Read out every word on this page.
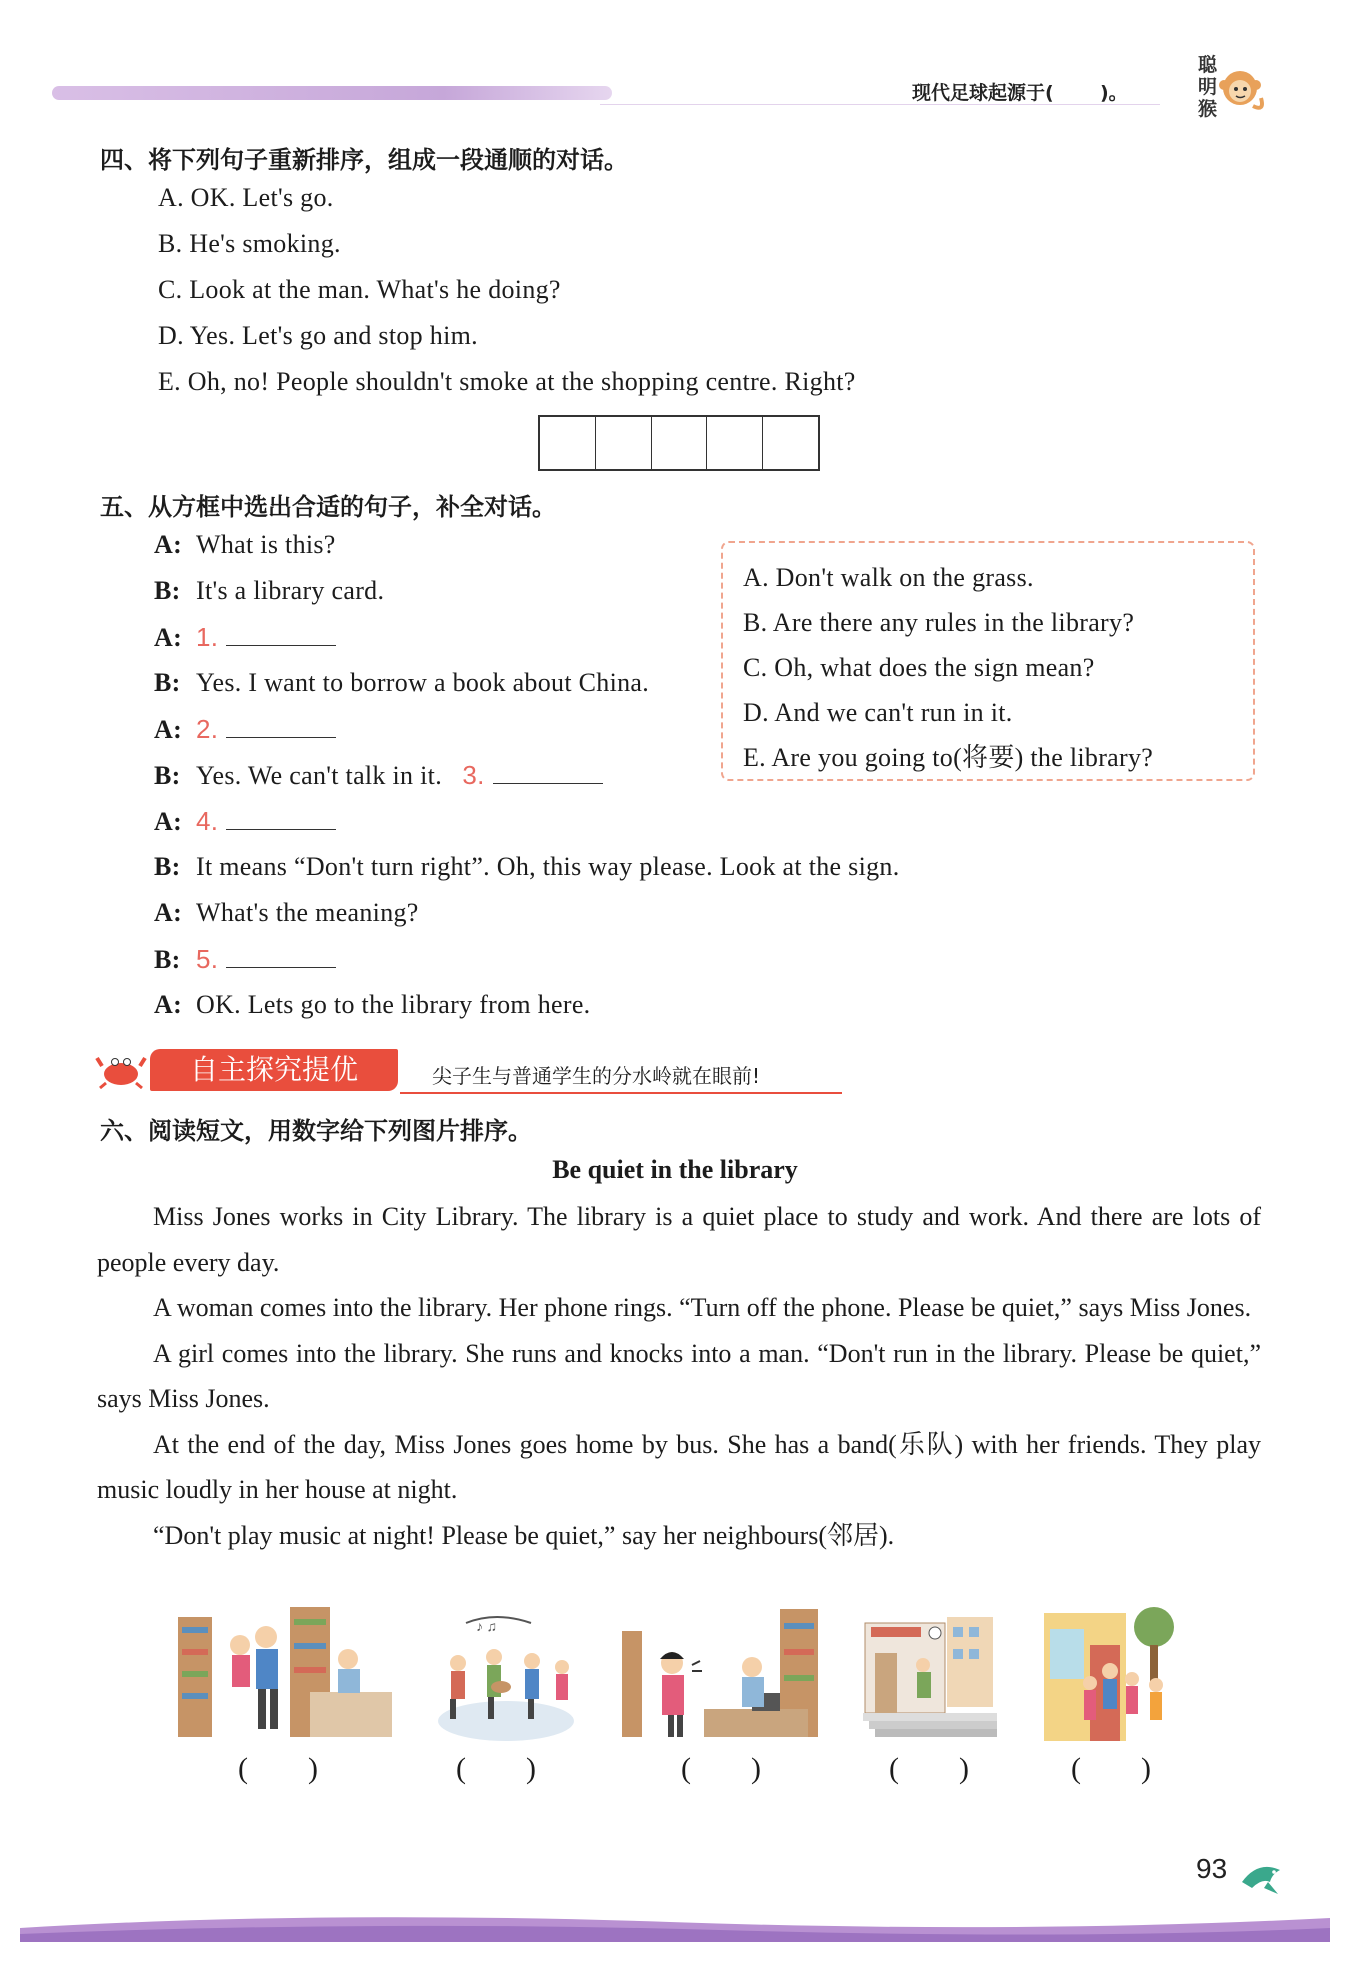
现代足球起源于(       )。
聪明猴
四、将下列句子重新排序，组成一段通顺的对话。
A. OK. Let's go.
B. He's smoking.
C. Look at the man. What's he doing?
D. Yes. Let's go and stop him.
E. Oh, no! People shouldn't smoke at the shopping centre. Right?
五、从方框中选出合适的句子，补全对话。
A: What is this?
B: It's a library card.
A: 1.
B: Yes. I want to borrow a book about China.
A: 2.
B: Yes. We can't talk in it. 3.
A: 4.
B: It means “Don't turn right”. Oh, this way please. Look at the sign.
A: What's the meaning?
B: 5.
A: OK. Lets go to the library from here.
A. Don't walk on the grass.
B. Are there any rules in the library?
C. Oh, what does the sign mean?
D. And we can't run in it.
E. Are you going to(将要) the library?
自主探究提优	尖子生与普通学生的分水岭就在眼前!
六、阅读短文，用数字给下列图片排序。
Be quiet in the library

Miss Jones works in City Library. The library is a quiet place to study and work. And there are lots of people every day.

A woman comes into the library. Her phone rings. “Turn off the phone. Please be quiet,” says Miss Jones.

A girl comes into the library. She runs and knocks into a man. “Don't run in the library. Please be quiet,” says Miss Jones.

At the end of the day, Miss Jones goes home by bus. She has a band(乐队) with her friends. They play music loudly in her house at night.

“Don't play music at night! Please be quiet,” say her neighbours(邻居).

♪ ♫
(        )	(        )	(        )	(        )	(        )
93
